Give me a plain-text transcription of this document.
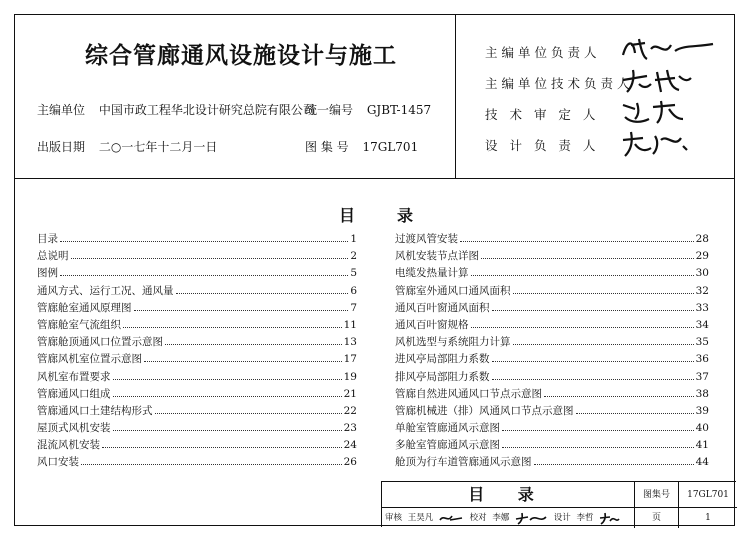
综合管廊通风设施设计与施工
主编单位 中国市政工程华北设计研究总院有限公司
统一编号 GJBT-1457
出版日期 二○一七年十二月一日	图 集 号 17GL701
主编单位负责人
主编单位技术负责人
技 术 审 定 人
设 计 负 责 人
目	录
目录	1
总说明	2
图例	5
通风方式、运行工况、通风量	6
管廊舱室通风原理图	7
管廊舱室气流组织	11
管廊舱顶通风口位置示意图	13
管廊风机室位置示意图	17
风机室布置要求	19
管廊通风口组成	21
管廊通风口土建结构形式	22
屋顶式风机安装	23
混流风机安装	24
风口安装	26
过渡风管安装	28
风机安装节点详图	29
电缆发热量计算	30
管廊室外通风口通风面积	32
通风百叶窗通风面积	33
通风百叶窗规格	34
风机选型与系统阻力计算	35
进风亭局部阻力系数	36
排风亭局部阻力系数	37
管廊自然进风通风口节点示意图	38
管廊机械进（排）风通风口节点示意图	39
单舱室管廊通风示意图	40
多舱室管廊通风示意图	41
舱顶为行车道管廊通风示意图	44
目 录	图集号	17GL701
页	1
审核 王昊凡	校对 李娜	设计 李哲
